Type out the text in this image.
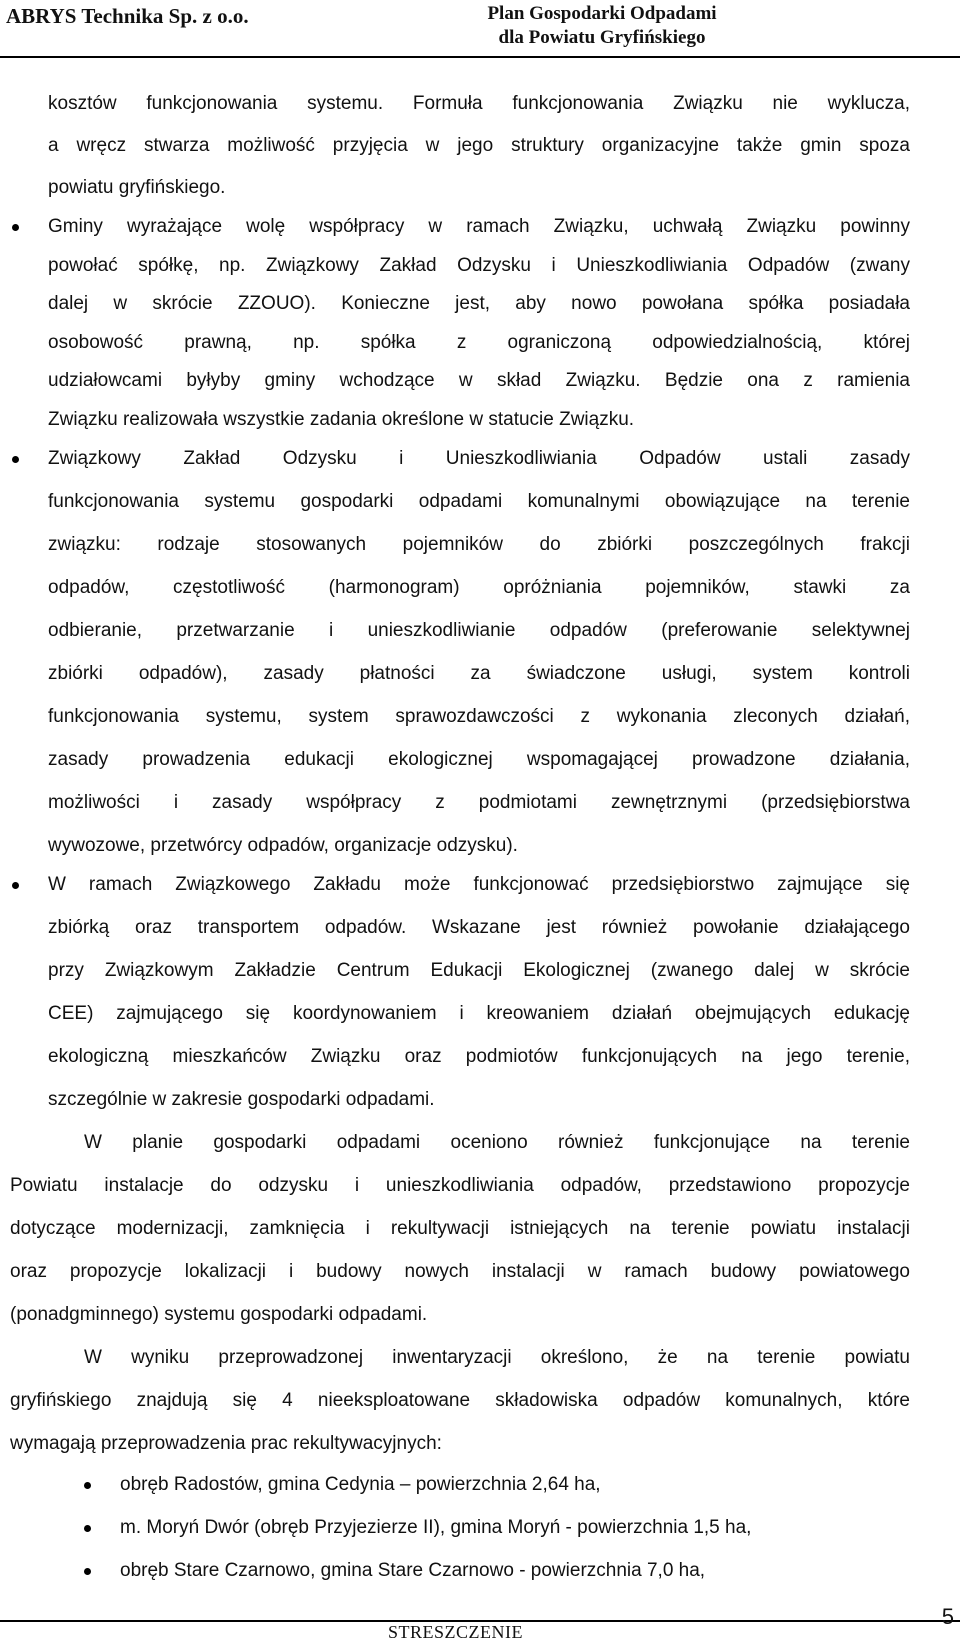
ABRYS Technika Sp. z o.o.	Plan Gospodarki Odpadami
dla Powiatu Gryfińskiego
kosztów funkcjonowania systemu. Formuła funkcjonowania Związku nie wyklucza,
a wręcz stwarza możliwość przyjęcia w jego struktury organizacyjne także gmin spoza
powiatu gryfińskiego.
Gminy wyrażające wolę współpracy w ramach Związku, uchwałą Związku powinny
powołać spółkę, np. Związkowy Zakład Odzysku i Unieszkodliwiania Odpadów (zwany
dalej w skrócie ZZOUO). Konieczne jest, aby nowo powołana spółka posiadała
osobowość prawną, np. spółka z ograniczoną odpowiedzialnością, której
udziałowcami byłyby gminy wchodzące w skład Związku. Będzie ona z ramienia
Związku realizowała wszystkie zadania określone w statucie Związku.
Związkowy Zakład Odzysku i Unieszkodliwiania Odpadów ustali zasady
funkcjonowania systemu gospodarki odpadami komunalnymi obowiązujące na terenie
związku: rodzaje stosowanych pojemników do zbiórki poszczególnych frakcji
odpadów, częstotliwość (harmonogram) opróżniania pojemników, stawki za
odbieranie, przetwarzanie i unieszkodliwianie odpadów (preferowanie selektywnej
zbiórki odpadów), zasady płatności za świadczone usługi, system kontroli
funkcjonowania systemu, system sprawozdawczości z wykonania zleconych działań,
zasady prowadzenia edukacji ekologicznej wspomagającej prowadzone działania,
możliwości i zasady współpracy z podmiotami zewnętrznymi (przedsiębiorstwa
wywozowe, przetwórcy odpadów, organizacje odzysku).
W ramach Związkowego Zakładu może funkcjonować przedsiębiorstwo zajmujące się
zbiórką oraz transportem odpadów. Wskazane jest również powołanie działającego
przy Związkowym Zakładzie Centrum Edukacji Ekologicznej (zwanego dalej w skrócie
CEE) zajmującego się koordynowaniem i kreowaniem działań obejmujących edukację
ekologiczną mieszkańców Związku oraz podmiotów funkcjonujących na jego terenie,
szczególnie w zakresie gospodarki odpadami.
W planie gospodarki odpadami oceniono również funkcjonujące na terenie
Powiatu instalacje do odzysku i unieszkodliwiania odpadów, przedstawiono propozycje
dotyczące modernizacji, zamknięcia i rekultywacji istniejących na terenie powiatu instalacji
oraz propozycje lokalizacji i budowy nowych instalacji w ramach budowy powiatowego
(ponadgminnego) systemu gospodarki odpadami.
W wyniku przeprowadzonej inwentaryzacji określono, że na terenie powiatu
gryfińskiego znajdują się 4 nieeksploatowane składowiska odpadów komunalnych, które
wymagają przeprowadzenia prac rekultywacyjnych:
obręb Radostów, gmina Cedynia – powierzchnia 2,64 ha,
m. Moryń Dwór (obręb Przyjezierze II), gmina Moryń - powierzchnia 1,5 ha,
obręb Stare Czarnowo, gmina Stare Czarnowo - powierzchnia 7,0 ha,
STRESZCZENIE
5
